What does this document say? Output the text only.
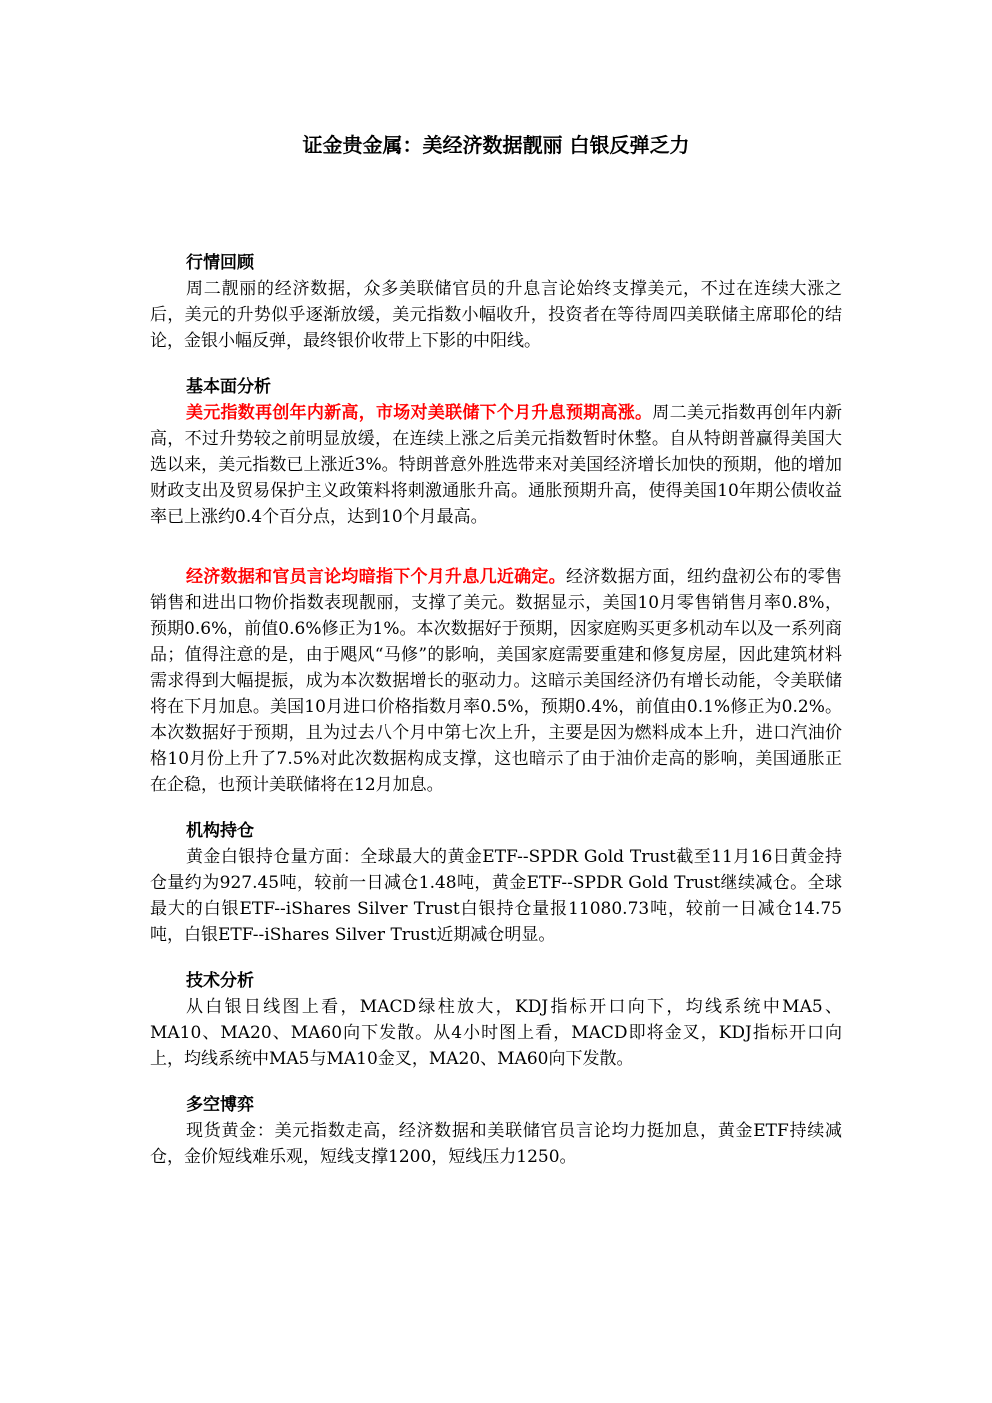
证金贵金属：美经济数据靓丽 白银反弹乏力
行情回顾

周二靓丽的经济数据，众多美联储官员的升息言论始终支撑美元，不过在连续大涨之后，美元的升势似乎逐渐放缓，美元指数小幅收升，投资者在等待周四美联储主席耶伦的结论，金银小幅反弹，最终银价收带上下影的中阳线。

基本面分析

美元指数再创年内新高，市场对美联储下个月升息预期高涨。周二美元指数再创年内新高，不过升势较之前明显放缓，在连续上涨之后美元指数暂时休整。自从特朗普赢得美国大选以来，美元指数已上涨近3%。特朗普意外胜选带来对美国经济增长加快的预期，他的增加财政支出及贸易保护主义政策料将刺激通胀升高。通胀预期升高，使得美国10年期公债收益率已上涨约0.4个百分点，达到10个月最高。

经济数据和官员言论均暗指下个月升息几近确定。经济数据方面，纽约盘初公布的零售销售和进出口物价指数表现靓丽，支撑了美元。数据显示，美国10月零售销售月率0.8%，预期0.6%，前值0.6%修正为1%。本次数据好于预期，因家庭购买更多机动车以及一系列商品；值得注意的是，由于飓风“马修”的影响，美国家庭需要重建和修复房屋，因此建筑材料需求得到大幅提振，成为本次数据增长的驱动力。这暗示美国经济仍有增长动能，令美联储将在下月加息。美国10月进口价格指数月率0.5%，预期0.4%，前值由0.1%修正为0.2%。本次数据好于预期，且为过去八个月中第七次上升，主要是因为燃料成本上升，进口汽油价格10月份上升了7.5%对此次数据构成支撑，这也暗示了由于油价走高的影响，美国通胀正在企稳，也预计美联储将在12月加息。

机构持仓

黄金白银持仓量方面：全球最大的黄金ETF--SPDR Gold Trust截至11月16日黄金持仓量约为927.45吨，较前一日减仓1.48吨，黄金ETF--SPDR Gold Trust继续减仓。全球最大的白银ETF--iShares Silver Trust白银持仓量报11080.73吨，较前一日减仓14.75吨，白银ETF--iShares Silver Trust近期减仓明显。

技术分析

从白银日线图上看，MACD绿柱放大，KDJ指标开口向下，均线系统中MA5、MA10、MA20、MA60向下发散。从4小时图上看，MACD即将金叉，KDJ指标开口向上，均线系统中MA5与MA10金叉，MA20、MA60向下发散。

多空博弈

现货黄金：美元指数走高，经济数据和美联储官员言论均力挺加息，黄金ETF持续减仓，金价短线难乐观，短线支撑1200，短线压力1250。
